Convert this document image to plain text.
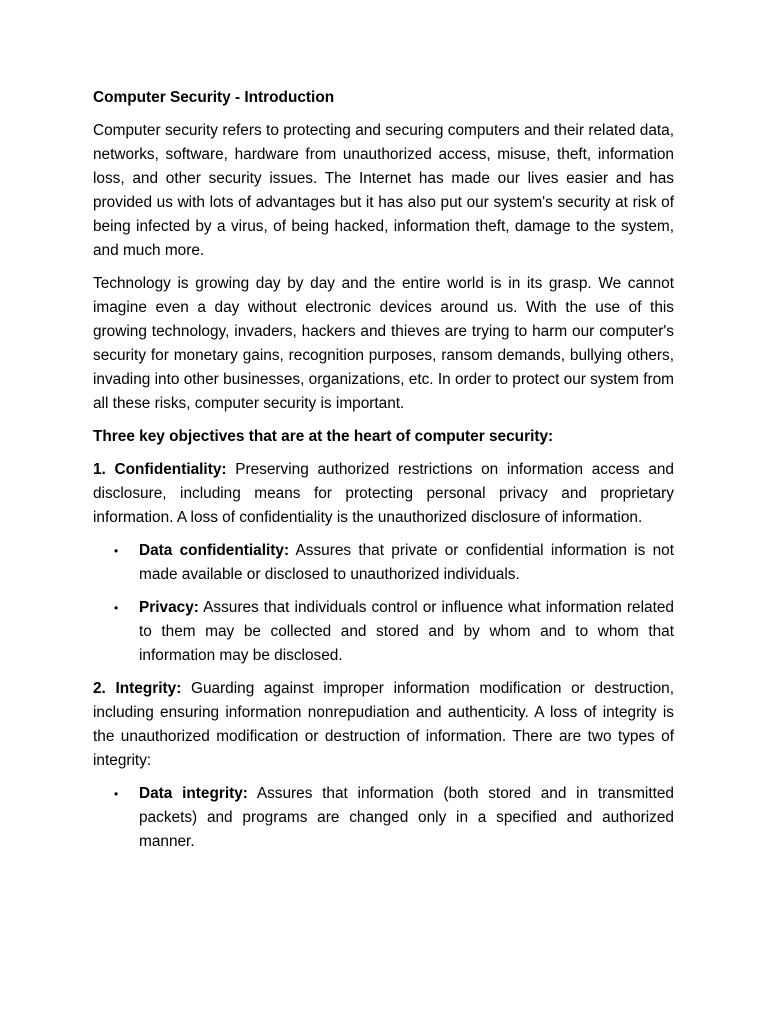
Computer Security - Introduction

Computer security refers to protecting and securing computers and their related data, networks, software, hardware from unauthorized access, misuse, theft, information loss, and other security issues. The Internet has made our lives easier and has provided us with lots of advantages but it has also put our system's security at risk of being infected by a virus, of being hacked, information theft, damage to the system, and much more.

Technology is growing day by day and the entire world is in its grasp. We cannot imagine even a day without electronic devices around us. With the use of this growing technology, invaders, hackers and thieves are trying to harm our computer's security for monetary gains, recognition purposes, ransom demands, bullying others, invading into other businesses, organizations, etc. In order to protect our system from all these risks, computer security is important.

Three key objectives that are at the heart of computer security:

1. Confidentiality: Preserving authorized restrictions on information access and disclosure, including means for protecting personal privacy and proprietary information. A loss of confidentiality is the unauthorized disclosure of information.

• Data confidentiality: Assures that private or confidential information is not made available or disclosed to unauthorized individuals.
• Privacy: Assures that individuals control or influence what information related to them may be collected and stored and by whom and to whom that information may be disclosed.

2. Integrity: Guarding against improper information modification or destruction, including ensuring information nonrepudiation and authenticity. A loss of integrity is the unauthorized modification or destruction of information. There are two types of integrity:

• Data integrity: Assures that information (both stored and in transmitted packets) and programs are changed only in a specified and authorized manner.
